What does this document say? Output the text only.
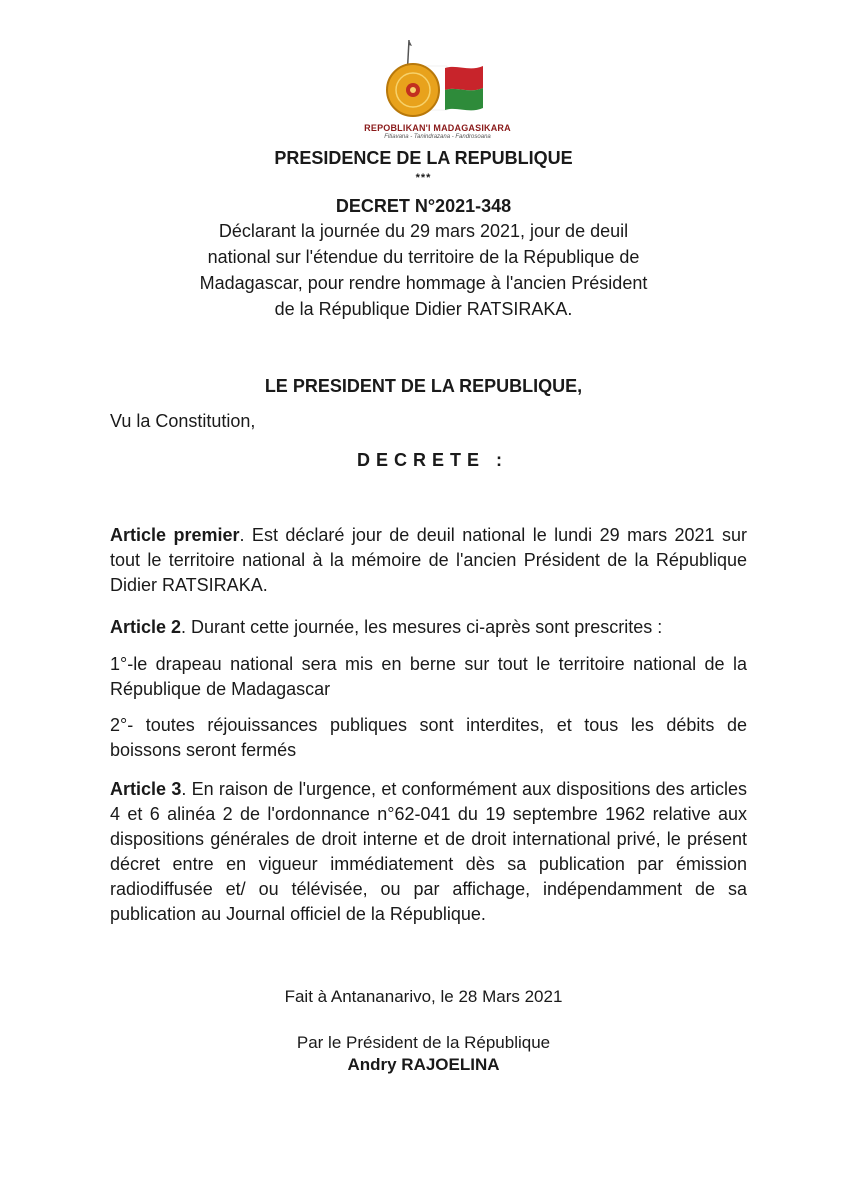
REPOBLIKAN'I MADAGASIKARA
Fitiavana - Tanindrazana - Fandrosoana
PRESIDENCE DE LA REPUBLIQUE
***
DECRET N°2021-348
Déclarant la journée du 29 mars 2021, jour de deuil
national sur l'étendue du territoire de la République de
Madagascar, pour rendre hommage à l'ancien Président
de la République Didier RATSIRAKA.
LE PRESIDENT DE LA REPUBLIQUE,
Vu la Constitution,
DECRETE :
Article premier. Est déclaré jour de deuil national le lundi 29 mars 2021 sur tout le territoire national à la mémoire de l'ancien Président de la République Didier RATSIRAKA.
Article 2. Durant cette journée, les mesures ci-après sont prescrites :
1°-le drapeau national sera mis en berne sur tout le territoire national de la République de Madagascar
2°- toutes réjouissances publiques sont interdites, et tous les débits de boissons seront fermés
Article 3. En raison de l'urgence, et conformément aux dispositions des articles 4 et 6 alinéa 2 de l'ordonnance n°62-041 du 19 septembre 1962 relative aux dispositions générales de droit interne et de droit international privé, le présent décret entre en vigueur immédiatement dès sa publication par émission radiodiffusée et/ ou télévisée, ou par affichage, indépendamment de sa publication au Journal officiel de la République.
Fait à Antananarivo, le 28 Mars 2021
Par le Président de la République
Andry RAJOELINA
